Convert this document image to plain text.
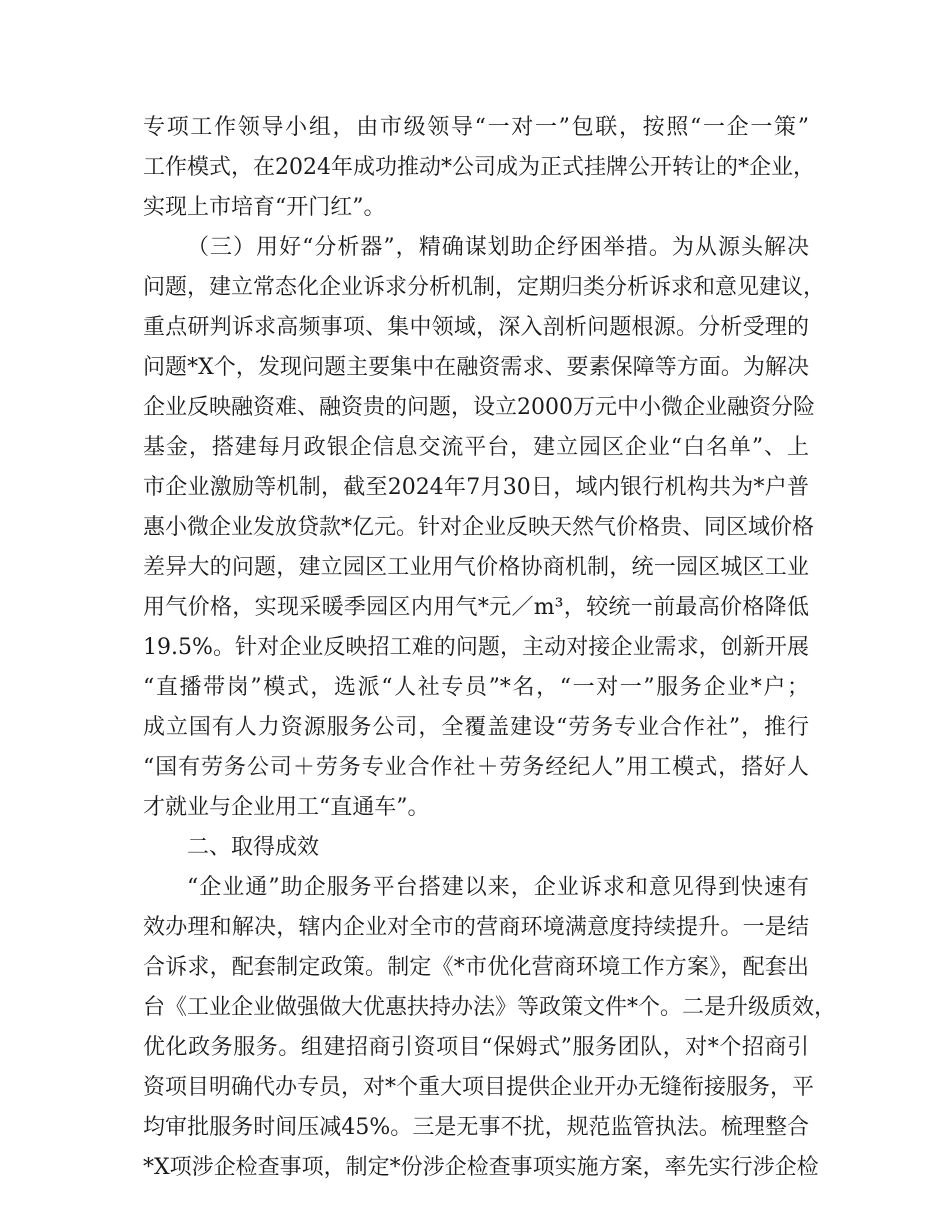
专项工作领导小组，由市级领导“一对一”包联，按照“一企一策”
工作模式，在2024年成功推动*公司成为正式挂牌公开转让的*企业，
实现上市培育“开门红”。
（三）用好“分析器”，精确谋划助企纾困举措。为从源头解决
问题，建立常态化企业诉求分析机制，定期归类分析诉求和意见建议，
重点研判诉求高频事项、集中领域，深入剖析问题根源。分析受理的
问题*X个，发现问题主要集中在融资需求、要素保障等方面。为解决
企业反映融资难、融资贵的问题，设立2000万元中小微企业融资分险
基金，搭建每月政银企信息交流平台，建立园区企业“白名单”、上
市企业激励等机制，截至2024年7月30日，域内银行机构共为*户普
惠小微企业发放贷款*亿元。针对企业反映天然气价格贵、同区域价格
差异大的问题，建立园区工业用气价格协商机制，统一园区城区工业
用气价格，实现采暖季园区内用气*元／m³，较统一前最高价格降低
19.5%。针对企业反映招工难的问题，主动对接企业需求，创新开展
“直播带岗”模式，选派“人社专员”*名，“一对一”服务企业*户；
成立国有人力资源服务公司，全覆盖建设“劳务专业合作社”，推行
“国有劳务公司＋劳务专业合作社＋劳务经纪人”用工模式，搭好人
才就业与企业用工“直通车”。
二、取得成效
“企业通”助企服务平台搭建以来，企业诉求和意见得到快速有
效办理和解决，辖内企业对全市的营商环境满意度持续提升。一是结
合诉求，配套制定政策。制定《*市优化营商环境工作方案》，配套出
台《工业企业做强做大优惠扶持办法》等政策文件*个。二是升级质效，
优化政务服务。组建招商引资项目“保姆式”服务团队，对*个招商引
资项目明确代办专员，对*个重大项目提供企业开办无缝衔接服务，平
均审批服务时间压减45%。三是无事不扰，规范监管执法。梳理整合
*X项涉企检查事项，制定*份涉企检查事项实施方案，率先实行涉企检
